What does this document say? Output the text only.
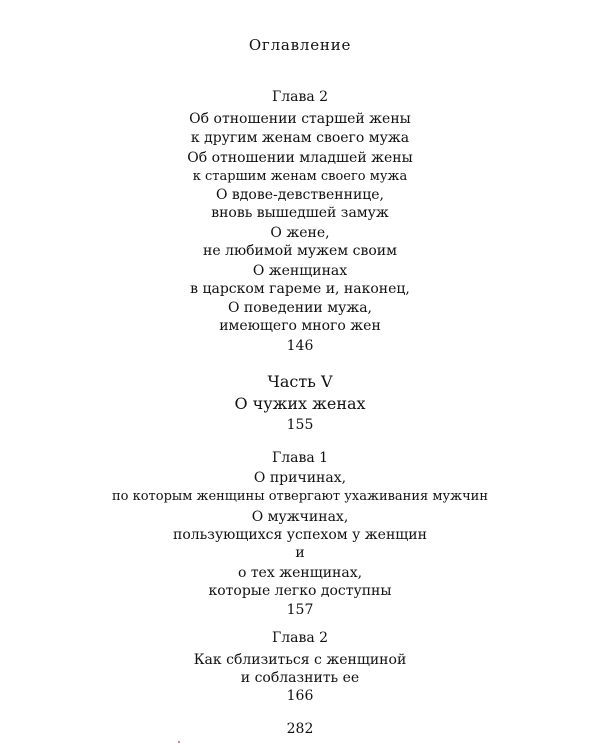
Оглавление
Глава 2
Об отношении старшей жены
к другим женам своего мужа
Об отношении младшей жены
к старшим женам своего мужа
О вдове-девственнице,
вновь вышедшей замуж
О жене,
не любимой мужем своим
О женщинах
в царском гареме и, наконец,
О поведении мужа,
имеющего много жен
146
Часть V
О чужих женах
155
Глава 1
О причинах,
по которым женщины отвергают ухаживания мужчин
О мужчинах,
пользующихся успехом у женщин
и
о тех женщинах,
которые легко доступны
157
Глава 2
Как сблизиться с женщиной
и соблазнить ее
166
282
